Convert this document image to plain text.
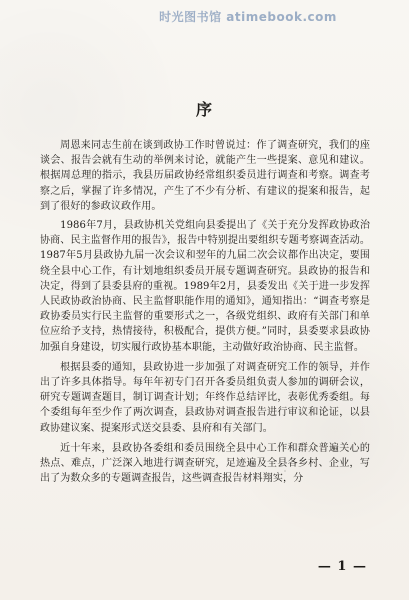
时光图书馆 atimebook.com
序

周恩来同志生前在谈到政协工作时曾说过：作了调查研究，我们的座谈会、报告会就有生动的举例来讨论，就能产生一些提案、意见和建议。根据周总理的指示，我县历届政协经常组织委员进行调查和考察。调查考察之后，掌握了许多情况，产生了不少有分析、有建议的提案和报告，起到了很好的参政议政作用。

1986年7月，县政协机关党组向县委提出了《关于充分发挥政协政治协商、民主监督作用的报告》，报告中特别提出要组织专题考察调查活动。1987年5月县政协九届一次会议和翌年的九届二次会议都作出决定，要围绕全县中心工作，有计划地组织委员开展专题调查研究。县政协的报告和决定，得到了县委县府的重视。1989年2月，县委发出《关于进一步发挥人民政协政治协商、民主监督职能作用的通知》，通知指出：“调查考察是政协委员实行民主监督的重要形式之一，各级党组织、政府有关部门和单位应给予支持，热情接待，积极配合，提供方便。”同时，县委要求县政协加强自身建设，切实履行政协基本职能，主动做好政治协商、民主监督。

根据县委的通知，县政协进一步加强了对调查研究工作的领导，并作出了许多具体指导。每年年初专门召开各委员组负责人参加的调研会议，研究专题调查题目，制订调查计划；年终作总结评比，表彰优秀委组。每个委组每年至少作了两次调查，县政协对调查报告进行审议和论证，以县政协建议案、提案形式送交县委、县府和有关部门。

近十年来，县政协各委组和委员围绕全县中心工作和群众普遍关心的热点、难点，广泛深入地进行调查研究，足迹遍及全县各乡村、企业，写出了为数众多的专题调查报告，这些调查报告材料翔实，分

— 1 —
